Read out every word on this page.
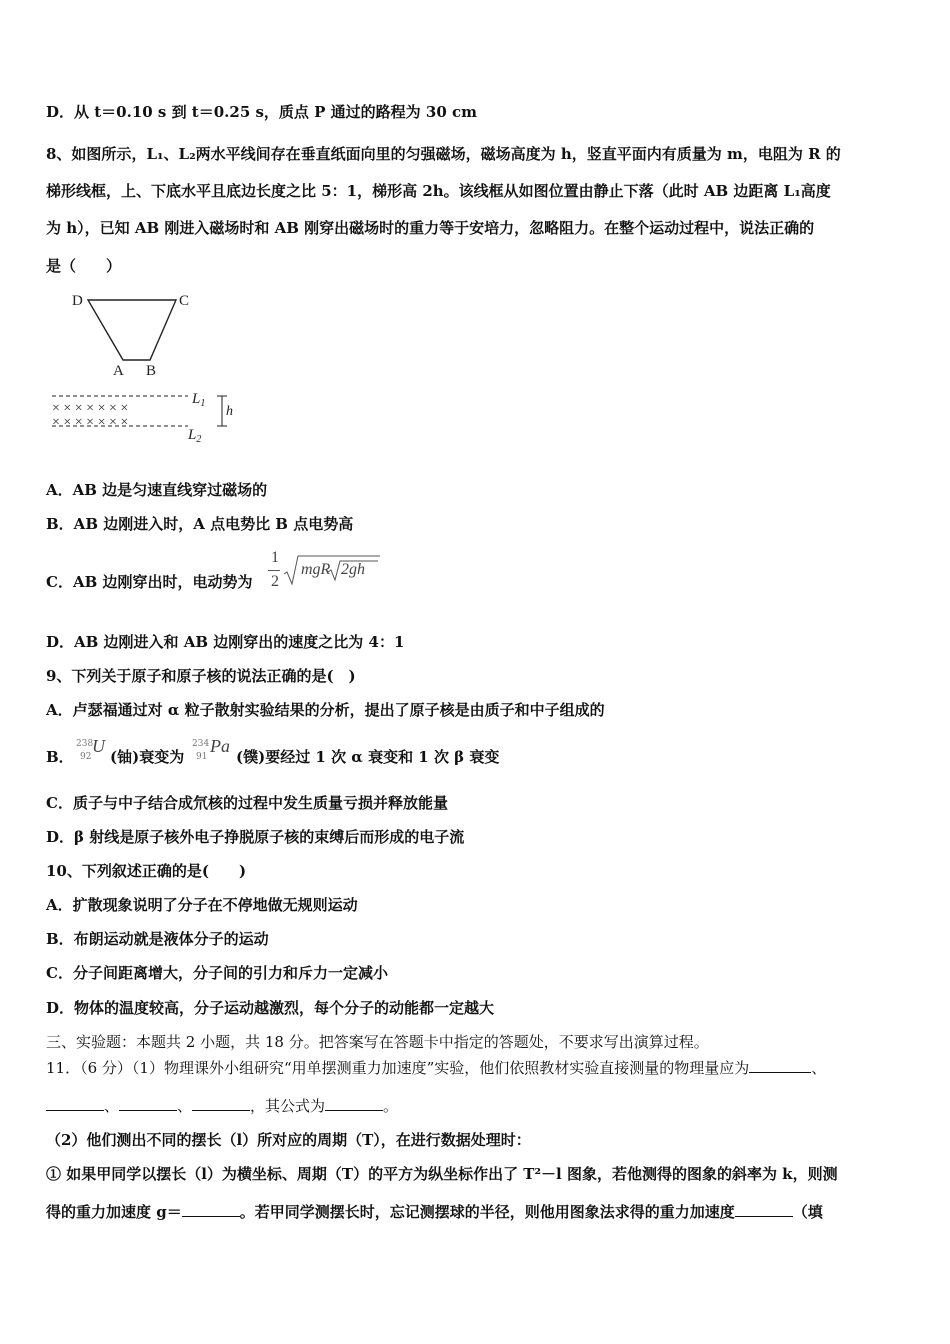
D．从 t＝0.10 s 到 t＝0.25 s，质点 P 通过的路程为 30 cm
8、如图所示，L₁、L₂两水平线间存在垂直纸面向里的匀强磁场，磁场高度为 h，竖直平面内有质量为 m，电阻为 R 的
梯形线框，上、下底水平且底边长度之比 5：1，梯形高 2h。该线框从如图位置由静止下落（此时 AB 边距离 L₁高度
为 h），已知 AB 刚进入磁场时和 AB 刚穿出磁场时的重力等于安培力，忽略阻力。在整个运动过程中，说法正确的
是（　　）
D	C
A B
× × × × × × ×
× × × × × × ×
$L_1$
$L_2$
h
A．AB 边是匀速直线穿过磁场的
B．AB 边刚进入时，A 点电势比 B 点电势高
C．AB 边刚穿出时，电动势为
1
2
mgR 2gh
D．AB 边刚进入和 AB 边刚穿出的速度之比为 4：1
9、下列关于原子和原子核的说法正确的是(　)
A．卢瑟福通过对 α 粒子散射实验结果的分析，提出了原子核是由质子和中子组成的
B．
238
92
U
(铀)衰变为
234
91
Pa
(镤)要经过 1 次 α 衰变和 1 次 β 衰变
C．质子与中子结合成氘核的过程中发生质量亏损并释放能量
D．β 射线是原子核外电子挣脱原子核的束缚后而形成的电子流
10、下列叙述正确的是(　　)
A．扩散现象说明了分子在不停地做无规则运动
B．布朗运动就是液体分子的运动
C．分子间距离增大，分子间的引力和斥力一定减小
D．物体的温度较高，分子运动越激烈，每个分子的动能都一定越大
三、实验题：本题共 2 小题，共 18 分。把答案写在答题卡中指定的答题处，不要求写出演算过程。
11．（6 分）（1）物理课外小组研究“用单摆测重力加速度”实验，他们依照教材实验直接测量的物理量应为	、
、	、	，其公式为	。
（2）他们测出不同的摆长（l）所对应的周期（T），在进行数据处理时：
① 如果甲同学以摆长（l）为横坐标、周期（T）的平方为纵坐标作出了 T²－l 图象，若他测得的图象的斜率为 k，则测
得的重力加速度 g＝	。若甲同学测摆长时，忘记测摆球的半径，则他用图象法求得的重力加速度	（填
